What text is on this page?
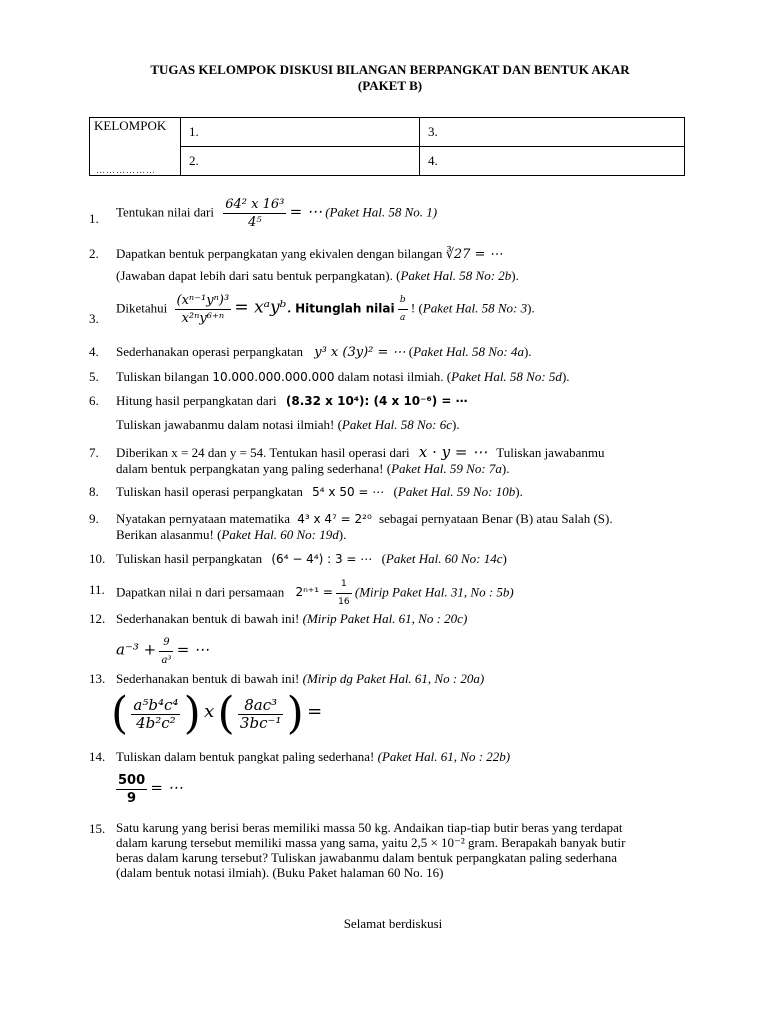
TUGAS KELOMPOK DISKUSI BILANGAN BERPANGKAT DAN BENTUK AKAR
(PAKET B)
KELOMPOK
………………	1.	3.
	2.	4.
1.	Tentukan nilai dari $\frac{\text{64² x 16³}}{\text{4⁵}}$ = ⋯ (Paket Hal. 58 No. 1)
2.	Dapatkan bentuk perpangkatan yang ekivalen dengan bilangan ∛27 = ⋯
(Jawaban dapat lebih dari satu bentuk perpangkatan). (Paket Hal. 58 No: 2b).
3.
Diketahui $\frac{\text{(xⁿ⁻¹yⁿ)³}}{\text{x²ⁿy⁶⁺ⁿ}}$ = xᵃyᵇ. Hitunglah nilai $\frac{b}{a}$ ! (Paket Hal. 58 No: 3).
4.	Sederhanakan operasi perpangkatan y³ x (3y)² = ⋯ (Paket Hal. 58 No: 4a).
5.	Tuliskan bilangan 10.000.000.000.000 dalam notasi ilmiah. (Paket Hal. 58 No: 5d).
6.	Hitung hasil perpangkatan dari (8.32 x 10⁴): (4 x 10⁻⁶) = ⋯
Tuliskan jawabanmu dalam notasi ilmiah! (Paket Hal. 58 No: 6c).
7.	Diberikan x = 24 dan y = 54. Tentukan hasil operasi dari x · y = ⋯ Tuliskan jawabanmu
dalam bentuk perpangkatan yang paling sederhana! (Paket Hal. 59 No: 7a).
8.	Tuliskan hasil operasi perpangkatan 5⁴ x 50 = ⋯ (Paket Hal. 59 No: 10b).
9.	Nyatakan pernyataan matematika 4³ x 4⁷ = 2²⁰ sebagai pernyataan Benar (B) atau Salah (S).
Berikan alasanmu! (Paket Hal. 60 No: 19d).
10. Tuliskan hasil perpangkatan (6⁴ − 4⁴) : 3 = ⋯ (Paket Hal. 60 No: 14c)
11. Dapatkan nilai n dari persamaan $2^{n+1} = \frac{1}{16}$ (Mirip Paket Hal. 31, No : 5b)
12. Sederhanakan bentuk di bawah ini! (Mirip Paket Hal. 61, No : 20c)
$a^{-3} + \frac{9}{\text{a³}}$ = ⋯
13. Sederhanakan bentuk di bawah ini! (Mirip dg Paket Hal. 61, No : 20a)
( $\frac{\text{a⁵b⁴c⁴}}{\text{4b²c²}}$ ) x ( $\frac{\text{8ac³}}{\text{3bc⁻¹}}$ ) =
14. Tuliskan dalam bentuk pangkat paling sederhana! (Paket Hal. 61, No : 22b)
$\frac{500}{9}$ = ⋯
15. Satu karung yang berisi beras memiliki massa 50 kg. Andaikan tiap-tiap butir beras yang terdapat
dalam karung tersebut memiliki massa yang sama, yaitu 2,5 × 10⁻² gram. Berapakah banyak butir
beras dalam karung tersebut? Tuliskan jawabanmu dalam bentuk perpangkatan paling sederhana
(dalam bentuk notasi ilmiah). (Buku Paket halaman 60 No. 16)
Selamat berdiskusi
